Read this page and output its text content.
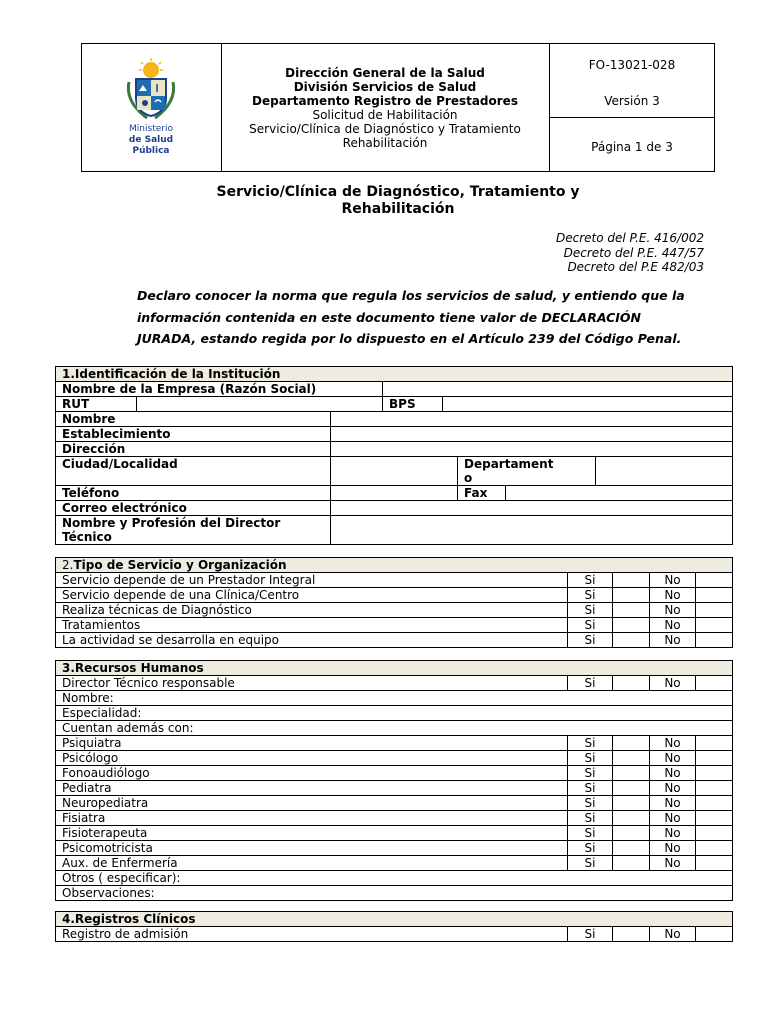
Ministerio
de Salud
Pública
Dirección General de la Salud
División Servicios de Salud
Departamento Registro de Prestadores
Solicitud de Habilitación
Servicio/Clínica de Diagnóstico y Tratamiento
Rehabilitación
FO-13021-028
Versión 3
Página 1 de 3
Servicio/Clínica de Diagnóstico, Tratamiento y
Rehabilitación
Decreto del P.E. 416/002
Decreto del P.E. 447/57
Decreto del P.E 482/03
Declaro conocer la norma que regula los servicios de salud, y entiendo que la
información contenida en este documento tiene valor de DECLARACIÓN
JURADA, estando regida por lo dispuesto en el Artículo 239 del Código Penal.
1.Identificación de la Institución							
Nombre de la Empresa (Razón Social)							
RUT			BPS				
Nombre							
Establecimiento							
Dirección							
Ciudad/Localidad					Departament
o		

Teléfono					Fax		
Correo electrónico							

Nombre y Profesión del Director
Técnico							

2.Tipo de Servicio y Organización				
Servicio depende de un Prestador Integral	Si		No	
Servicio depende de una Clínica/Centro	Si		No	
Realiza técnicas de Diagnóstico	Si		No	
Tratamientos	Si		No	
La actividad se desarrolla en equipo	Si		No	
3.Recursos Humanos				
Director Técnico responsable	Si		No	
Nombre:				
Especialidad:				
Cuentan además con:				
Psiquiatra	Si		No	
Psicólogo	Si		No	
Fonoaudiólogo	Si		No	
Pediatra	Si		No	
Neuropediatra	Si		No	
Fisiatra	Si		No	
Fisioterapeuta	Si		No	
Psicomotricista	Si		No	
Aux. de Enfermería	Si		No	
Otros ( especificar):				
Observaciones:				
4.Registros Clínicos
Registro de admisión	Si		No	
